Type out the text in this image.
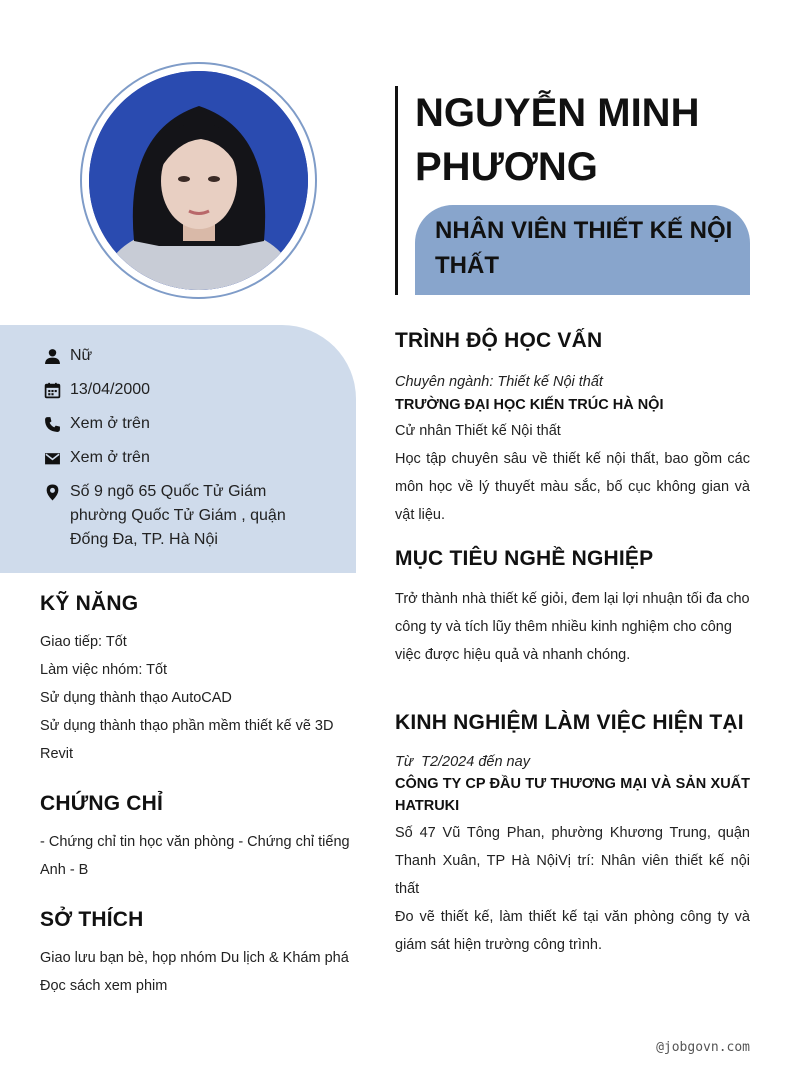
Nữ
13/04/2000
Xem ở trên
Xem ở trên
Số 9 ngõ 65 Quốc Tử Giám phường Quốc Tử Giám , quận Đống Đa, TP. Hà Nội
KỸ NĂNG
Giao tiếp: Tốt
Làm việc nhóm: Tốt
Sử dụng thành thạo AutoCAD
Sử dụng thành thạo phần mềm thiết kế vẽ 3D Revit
CHỨNG CHỈ
- Chứng chỉ tin học văn phòng - Chứng chỉ tiếng Anh - B
SỞ THÍCH
Giao lưu bạn bè, họp nhóm Du lịch & Khám phá
Đọc sách xem phim
NGUYỄN MINH PHƯƠNG
NHÂN VIÊN THIẾT KẾ NỘI THẤT
TRÌNH ĐỘ HỌC VẤN
Chuyên ngành: Thiết kế Nội thất
TRƯỜNG ĐẠI HỌC KIẾN TRÚC HÀ NỘI
Cử nhân Thiết kế Nội thất
Học tập chuyên sâu về thiết kế nội thất, bao gồm các môn học về lý thuyết màu sắc, bố cục không gian và vật liệu.
MỤC TIÊU NGHỀ NGHIỆP
Trở thành nhà thiết kế giỏi, đem lại lợi nhuận tối đa cho công ty và tích lũy thêm nhiều kinh nghiệm cho công việc được hiệu quả và nhanh chóng.
KINH NGHIỆM LÀM VIỆC HIỆN TẠI
Từ  T2/2024 đến nay
CÔNG TY CP ĐẦU TƯ THƯƠNG MẠI VÀ SẢN XUẤT HATRUKI
Số 47 Vũ Tông Phan, phường Khương Trung, quận Thanh Xuân, TP Hà NộiVị trí: Nhân viên thiết kế nội thất
Đo vẽ thiết kế, làm thiết kế tại văn phòng công ty và giám sát hiện trường công trình.
@jobgovn.com
